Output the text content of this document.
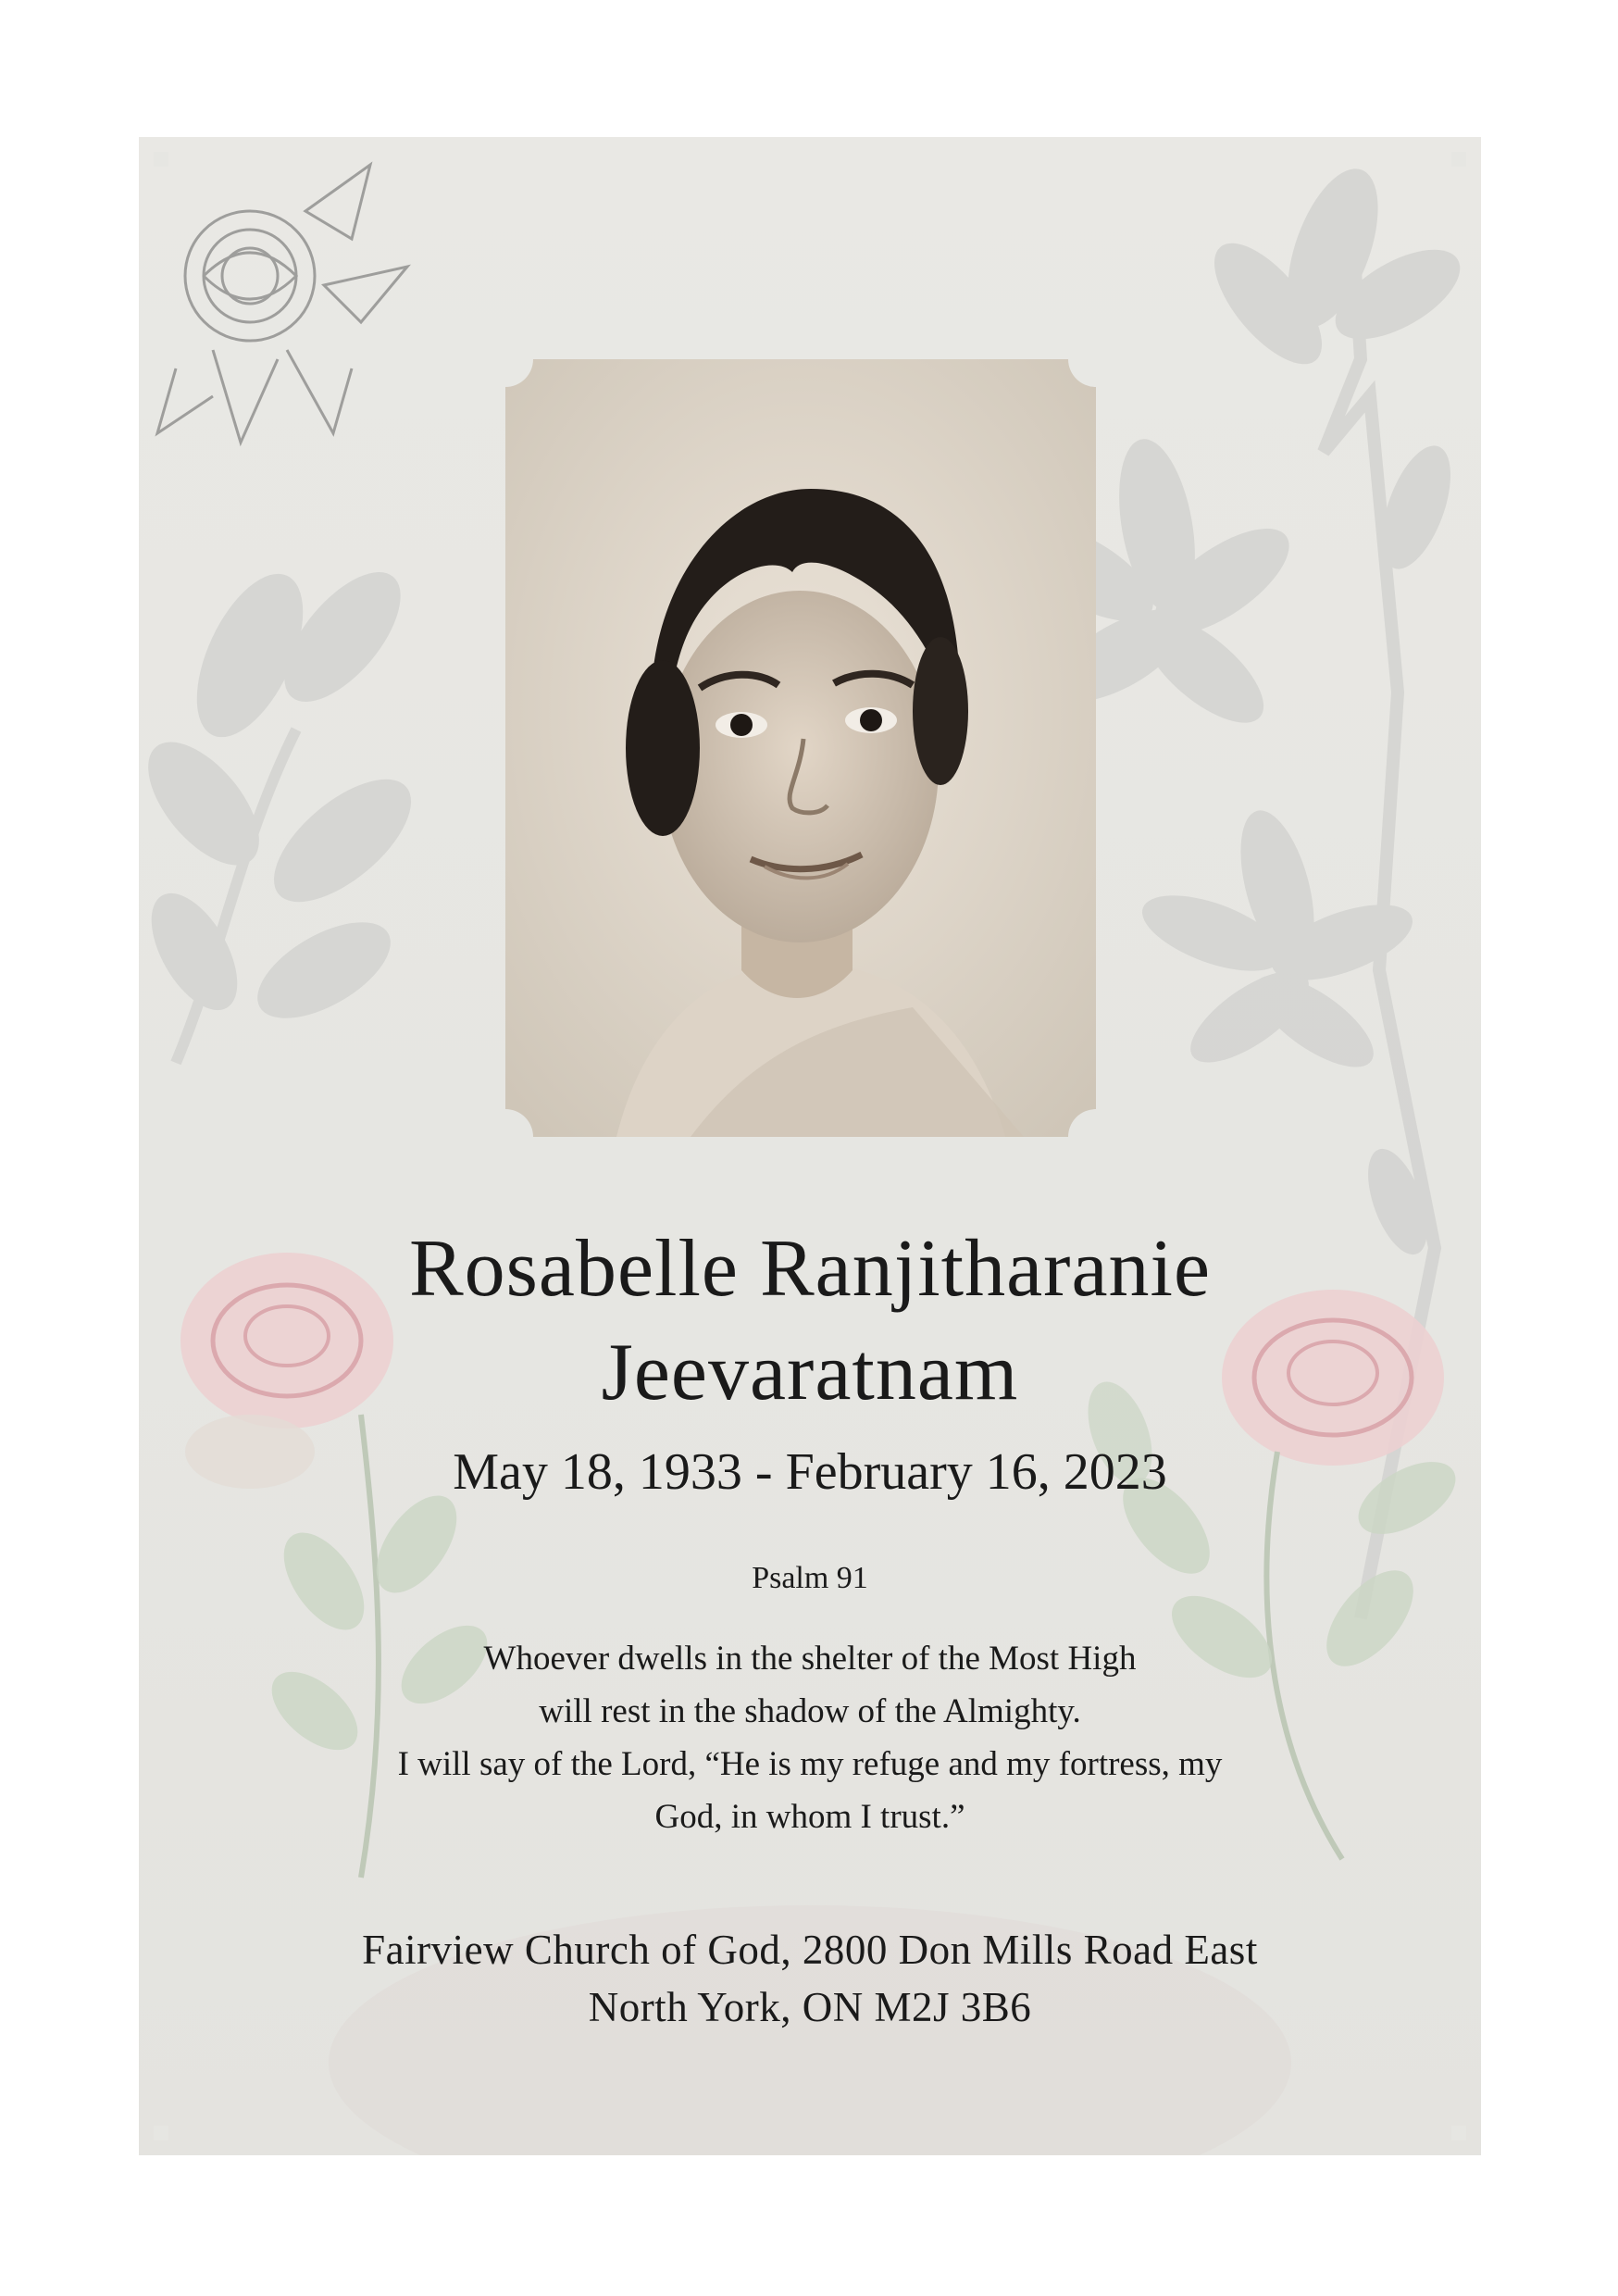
Rosabelle Ranjitharanie
Jeevaratnam
May 18, 1933 - February 16, 2023
Psalm 91
Whoever dwells in the shelter of the Most High
will rest in the shadow of the Almighty.
I will say of the Lord, “He is my refuge and my fortress, my
God, in whom I trust.”
Fairview Church of God, 2800 Don Mills Road East
North York, ON M2J 3B6
